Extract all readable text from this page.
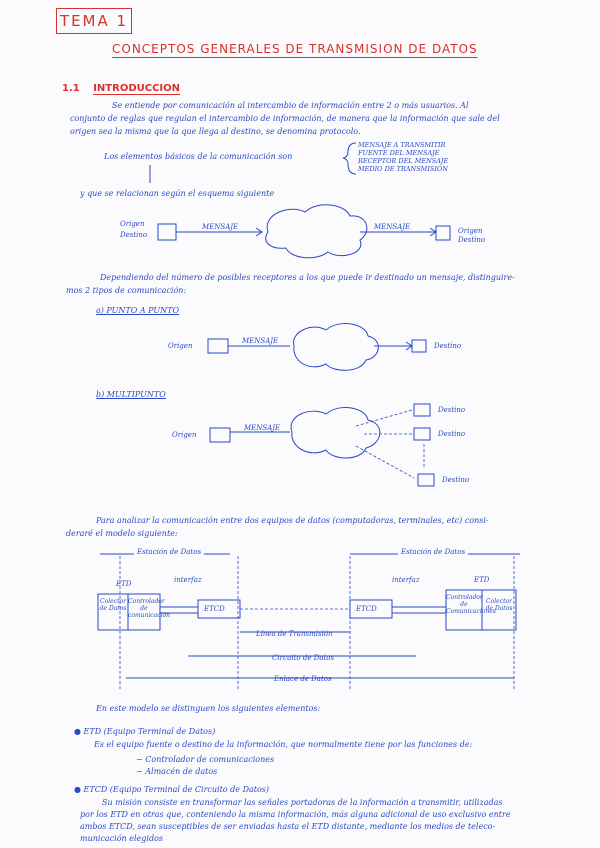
TEMA 1
CONCEPTOS GENERALES DE TRANSMISION DE DATOS
1.1 INTRODUCCION
Se entiende por comunicación al intercambio de información entre 2 o más usuarios. Al
conjunto de reglas que regulan el intercambio de información, de manera que la información que sale del
origen sea la misma que la que llega al destino, se denomina protocolo.
Los elementos básicos de la comunicación son
MENSAJE A TRANSMITIR
FUENTE DEL MENSAJE
RECEPTOR DEL MENSAJE
MEDIO DE TRANSMISION
y que se relacionan según el esquema siguiente
Origen
Destino
MENSAJE	MENSAJE	Origen
Destino
Dependiendo del número de posibles receptores a los que puede ir destinado un mensaje, distinguire-
mos 2 tipos de comunicación:
a) PUNTO A PUNTO
b) MULTIPUNTO
Origen
MENSAJE
Destino
Origen
MENSAJE
Destino
Destino
Destino
Para analizar la comunicación entre dos equipos de datos (computadoras, terminales, etc) consi-
deraré el modelo siguiente:
Estación de Datos	Estación de Datos
ETD	interfaz	interfaz	ETD
Colector de Datos
Controlador de comunicación
ETCD	ETCD
Controlador de Comunicaciones
Colector de Datos
Línea de Transmisión
Circuito de Datos
Enlace de Datos
En este modelo se distinguen los siguientes elementos:
● ETD (Equipo Terminal de Datos)
Es el equipo fuente o destino de la información, que normalmente tiene por las funciones de:
− Controlador de comunicaciones
− Almacén de datos
● ETCD (Equipo Terminal de Circuito de Datos)
Su misión consiste en transformar las señales portadoras de la información a transmitir, utilizadas
por los ETD en otras que, conteniendo la misma información, más alguna adicional de uso exclusivo entre
ambos ETCD, sean susceptibles de ser enviadas hasta el ETD distante, mediante los medios de teleco-
municación elegidos
